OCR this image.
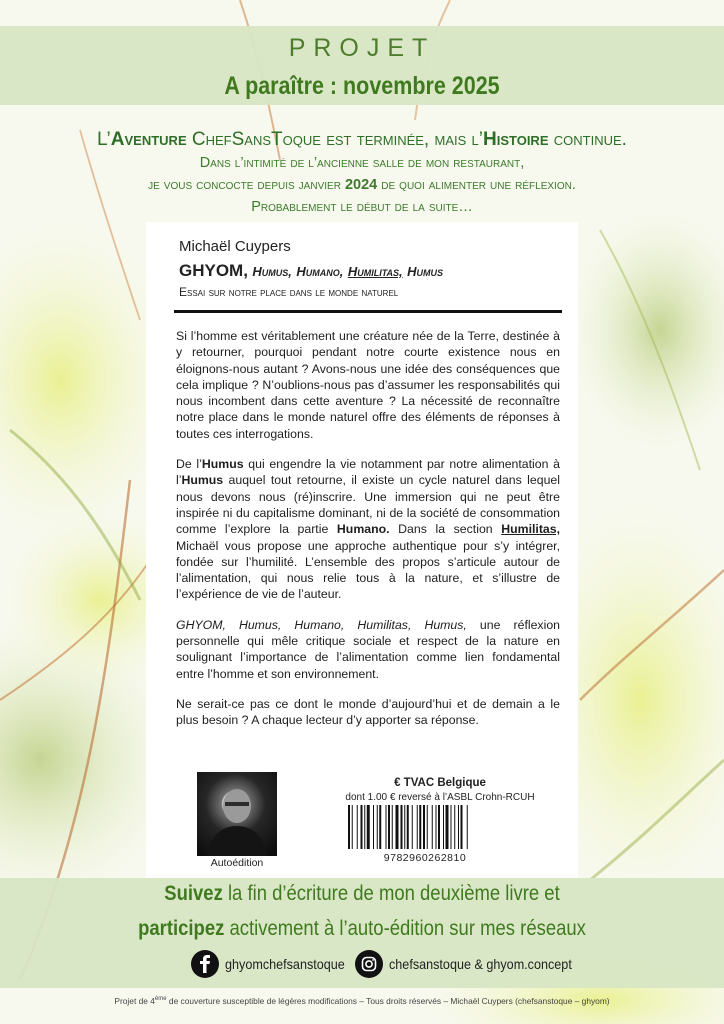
PROJET
A paraître : novembre 2025
L’Aventure ChefSansToque est terminée, mais l’Histoire continue.
Dans l’intimité de l’ancienne salle de mon restaurant,
je vous concocte depuis janvier 2024 de quoi alimenter une réflexion.
Probablement le début de la suite…
Michaël Cuypers
GHYOM, Humus, Humano, Humilitas, Humus
Essai sur notre place dans le monde naturel

Si l’homme est véritablement une créature née de la Terre, destinée à y retourner, pourquoi pendant notre courte existence nous en éloignons-nous autant ? Avons-nous une idée des conséquences que cela implique ? N’oublions-nous pas d’assumer les responsabilités qui nous incombent dans cette aventure ? La nécessité de reconnaître notre place dans le monde naturel offre des éléments de réponses à toutes ces interrogations.

De l’Humus qui engendre la vie notamment par notre alimentation à l’Humus auquel tout retourne, il existe un cycle naturel dans lequel nous devons nous (ré)inscrire. Une immersion qui ne peut être inspirée ni du capitalisme dominant, ni de la société de consommation comme l’explore la partie Humano. Dans la section Humilitas, Michaël vous propose une approche authentique pour s’y intégrer, fondée sur l’humilité. L’ensemble des propos s’articule autour de l’alimentation, qui nous relie tous à la nature, et s’illustre de l’expérience de vie de l’auteur.

GHYOM, Humus, Humano, Humilitas, Humus, une réflexion personnelle qui mêle critique sociale et respect de la nature en soulignant l’importance de l’alimentation comme lien fondamental entre l’homme et son environnement.

Ne serait-ce pas ce dont le monde d’aujourd’hui et de demain a le plus besoin ? A chaque lecteur d’y apporter sa réponse.

Autoédition
€ TVAC Belgique
dont 1.00 € reversé à l’ASBL Crohn-RCUH
9782960262810
Suivez la fin d’écriture de mon deuxième livre et
participez activement à l’auto-édition sur mes réseaux
ghyomchefsanstoque	chefsanstoque & ghyom.concept
Projet de 4ème de couverture susceptible de légères modifications – Tous droits réservés – Michaël Cuypers (chefsanstoque – ghyom)
